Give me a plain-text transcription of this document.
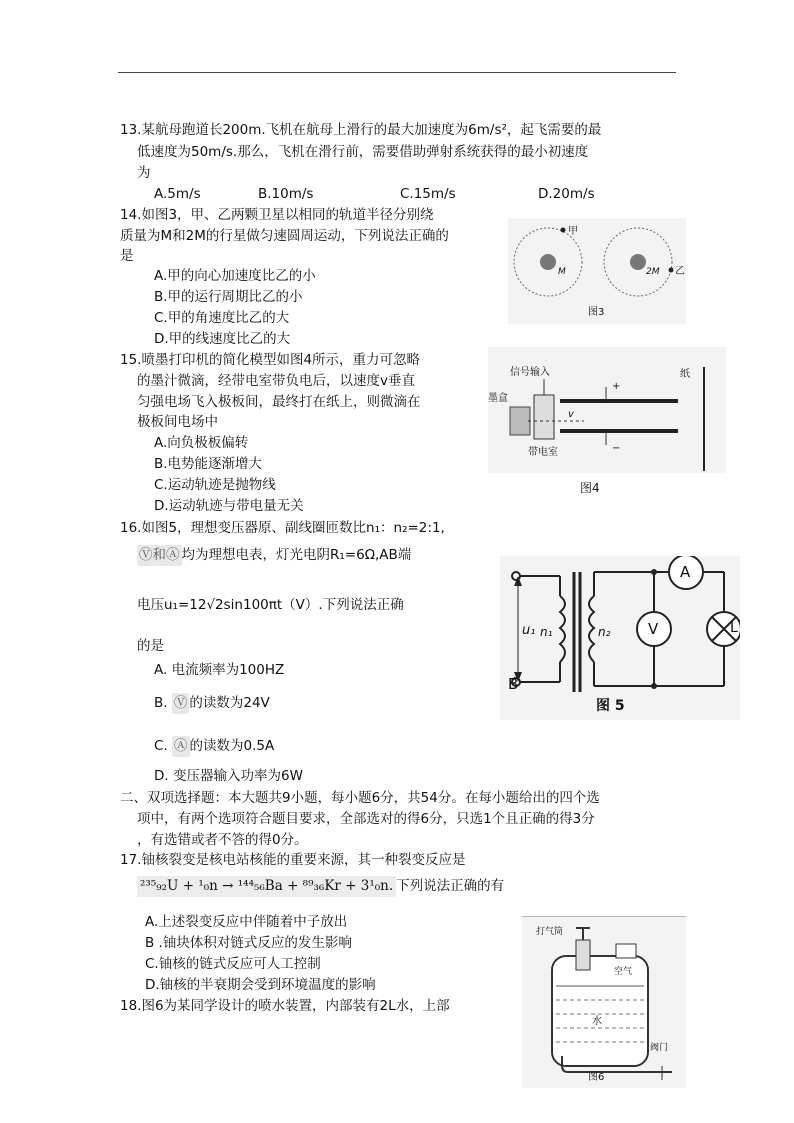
13.某航母跑道长200m.飞机在航母上滑行的最大加速度为6m/s²，起飞需要的最
低速度为50m/s.那么，飞机在滑行前，需要借助弹射系统获得的最小初速度
为
A.5m/s	B.10m/s	C.15m/s	D.20m/s
14.如图3，甲、乙两颗卫星以相同的轨道半径分别绕
质量为M和2M的行星做匀速圆周运动，下列说法正确的
是
A.甲的向心加速度比乙的小
B.甲的运行周期比乙的小
C.甲的角速度比乙的大
D.甲的线速度比乙的大
甲
乙
M	2M
图3
15.喷墨打印机的简化模型如图4所示，重力可忽略
的墨汁微滴，经带电室带负电后，以速度v垂直
匀强电场飞入极板间，最终打在纸上，则微滴在
极板间电场中
A.向负极板偏转
B.电势能逐渐增大
C.运动轨迹是抛物线
D.运动轨迹与带电量无关
信号输入
墨盒
纸
带电室
+
−
v
图4
16.如图5，理想变压器原、副线圈匝数比n₁：n₂=2:1,
Ⓥ和Ⓐ 均为理想电表，灯光电阴R₁=6Ω,AB端
电压u₁=12√2sin100πt（V）.下列说法正确
的是
A. 电流频率为100HZ
B. Ⓥ 的读数为24V
C. Ⓐ 的读数为0.5A
D. 变压器输入功率为6W
A
V
B
L
u₁ n₁	n₂
图 5
二、双项选择题：本大题共9小题，每小题6分，共54分。在每小题给出的四个选
项中，有两个选项符合题目要求，全部选对的得6分，只选1个且正确的得3分
，有选错或者不答的得0分。
17.铀核裂变是核电站核能的重要来源，其一种裂变反应是
²³⁵₉₂U + ¹₀n → ¹⁴⁴₅₆Ba + ⁸⁹₃₆Kr + 3¹₀n. 下列说法正确的有
A.上述裂变反应中伴随着中子放出
B .铀块体积对链式反应的发生影响
C.铀核的链式反应可人工控制
D.铀核的半衰期会受到环境温度的影响
18.图6为某同学设计的喷水装置，内部装有2L水，上部
打气筒
空气
水
阀门
图6
